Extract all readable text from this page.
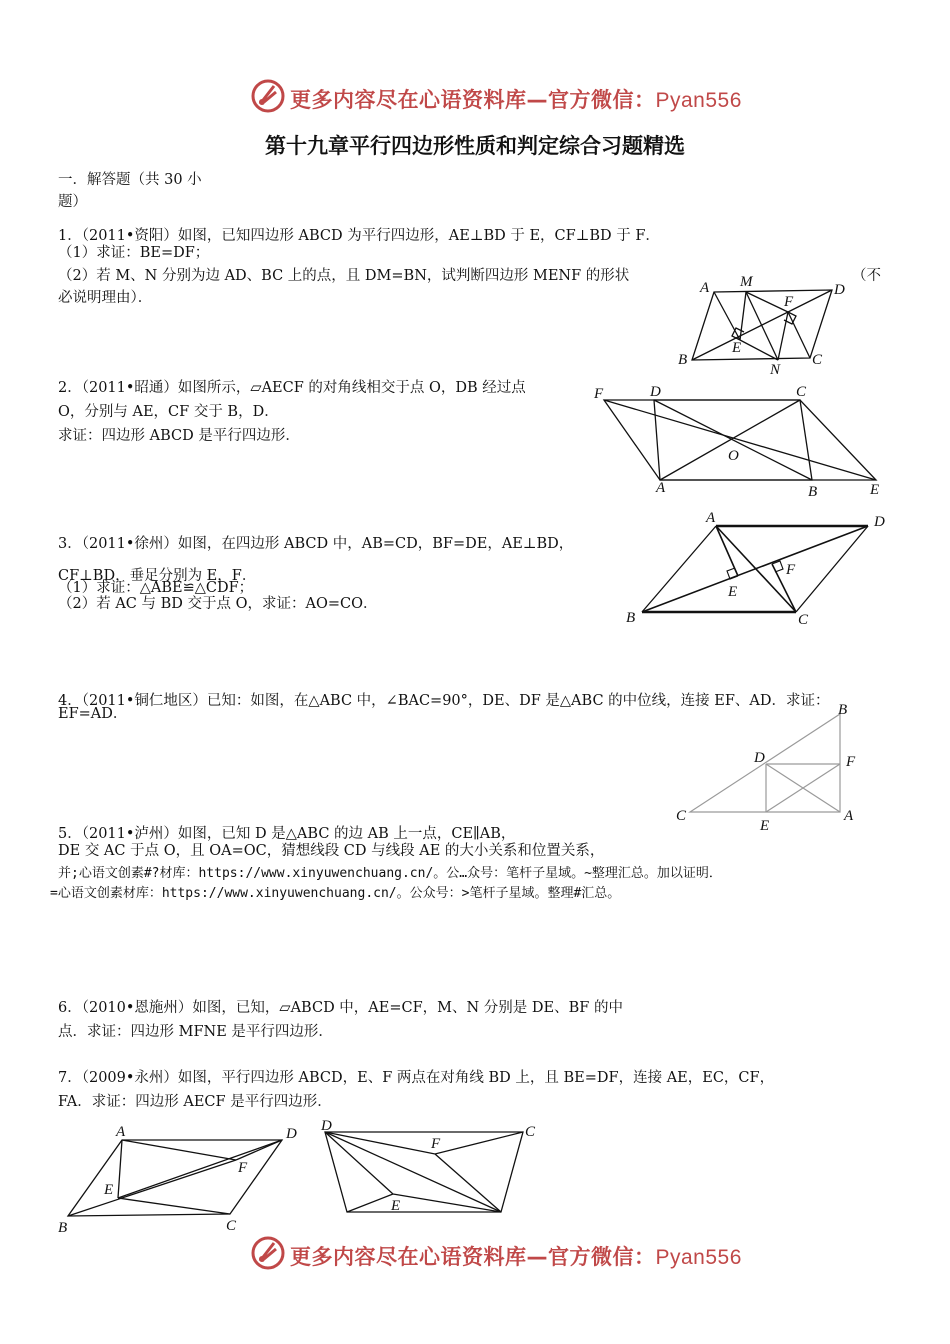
更多内容尽在心语资料库—官方微信：Pyan556
第十九章平行四边形性质和判定综合习题精选
一．解答题（共 30 小
题）
1．（2011•资阳）如图，已知四边形 ABCD 为平行四边形，AE⊥BD 于 E，CF⊥BD 于 F．
（1）求证：BE=DF；
（2）若 M、N 分别为边 AD、BC 上的点，且 DM=BN，试判断四边形 MENF 的形状	（不
必说明理由）．
A M
F
D
E
B
N
C
2．（2011•昭通）如图所示，▱AECF 的对角线相交于点 O，DB 经过点
O，分别与 AE，CF 交于 B，D．
求证：四边形 ABCD 是平行四边形．
F	D	C
O
A	B	E
3．（2011•徐州）如图，在四边形 ABCD 中，AB=CD，BF=DE，AE⊥BD，
CF⊥BD，垂足分别为 E，F．
（1）求证：△ABE≌△CDF；
（2）若 AC 与 BD 交于点 O，求证：AO=CO．
A	D
F
E
B	C
4．（2011•铜仁地区）已知：如图，在△ABC 中，∠BAC=90°，DE、DF 是△ABC 的中位线，连接 EF、AD．求证：
EF=AD．	B
D	F
C
E
A
5．（2011•泸州）如图，已知 D 是△ABC 的边 AB 上一点，CE∥AB，
DE 交 AC 于点 O，且 OA=OC，猜想线段 CD 与线段 AE 的大小关系和位置关系，
并;心语文创素#?材库：https://www.xinyuwenchuang.cn/。公…众号：笔杆子星域。~整理汇总。加以证明．
=心语文创素材库：https://www.xinyuwenchuang.cn/。公众号：>笔杆子星域。整理#汇总。
6．（2010•恩施州）如图，已知，▱ABCD 中，AE=CF，M、N 分别是 DE、BF 的中
点．求证：四边形 MFNE 是平行四边形．
7．（2009•永州）如图，平行四边形 ABCD，E、F 两点在对角线 BD 上，且 BE=DF，连接 AE，EC，CF，
FA．求证：四边形 AECF 是平行四边形．
A	D
F
E
B	C
D
F
C
E
更多内容尽在心语资料库—官方微信：Pyan556
